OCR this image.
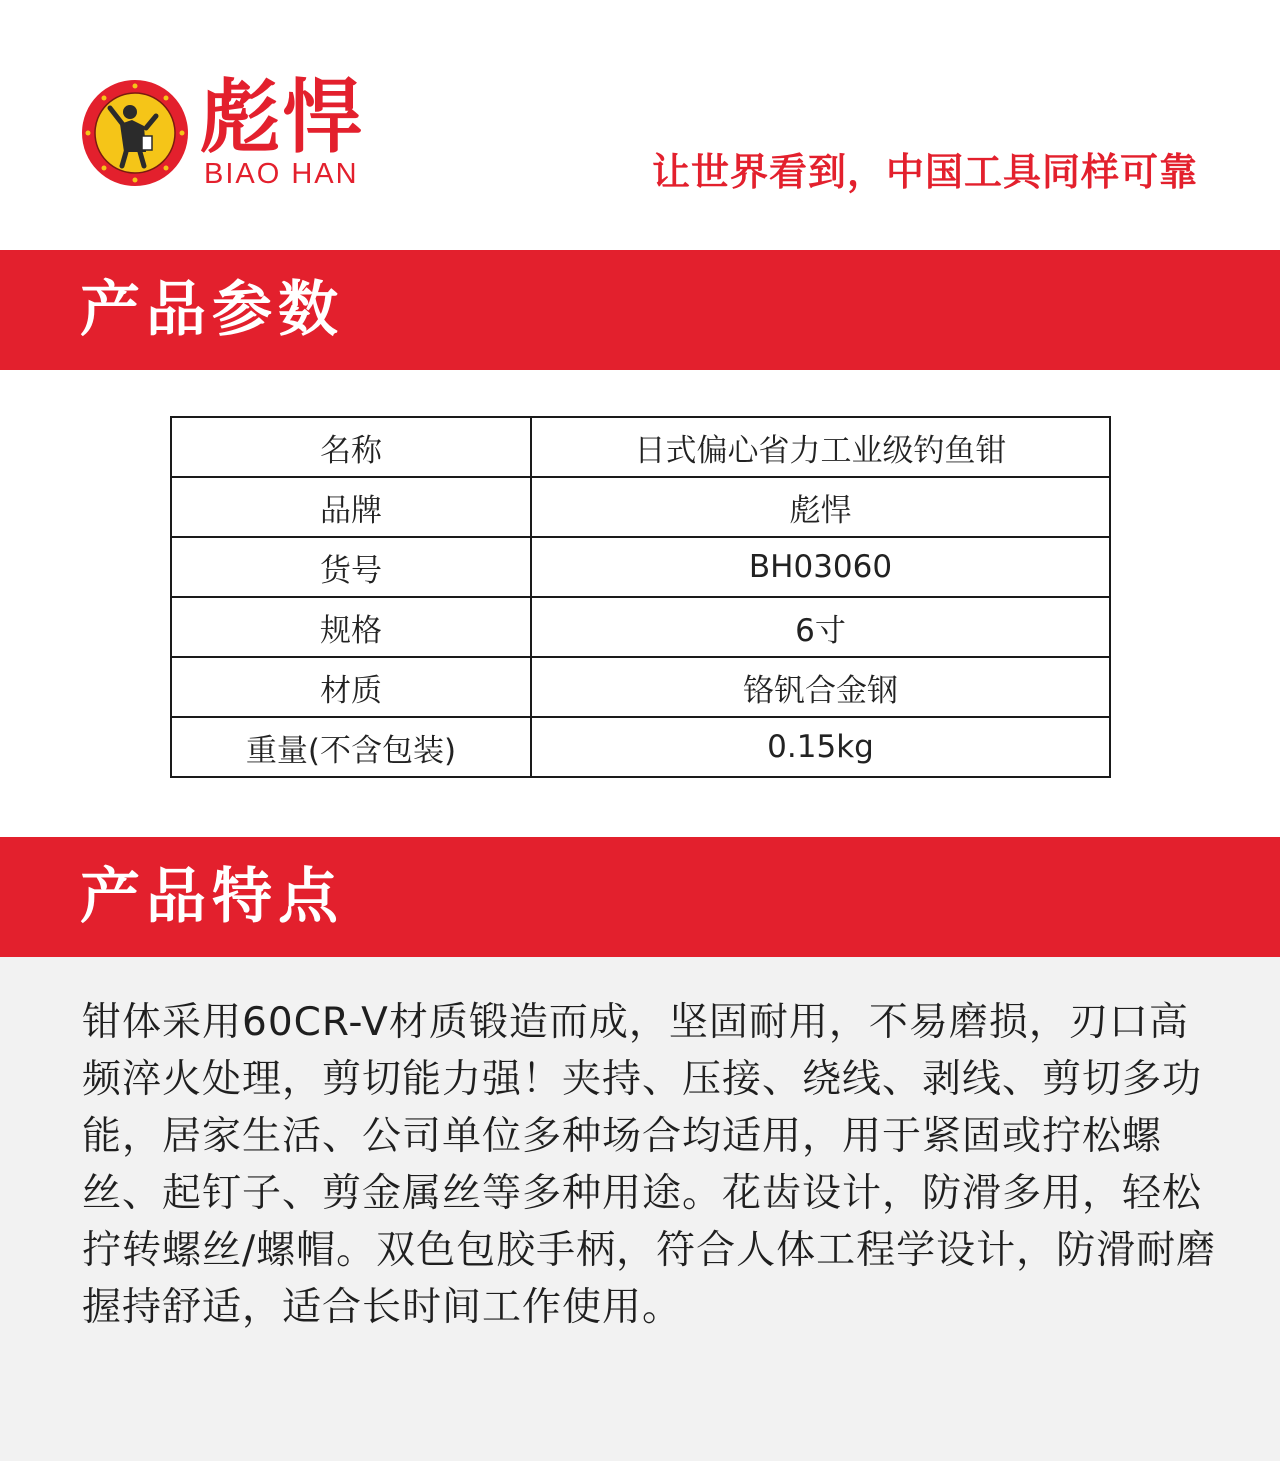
彪悍
BIAO HAN	让世界看到，中国工具同样可靠
产品参数
名称	日式偏心省力工业级钓鱼钳
品牌	彪悍
货号	BH03060
规格	6寸
材质	铬钒合金钢
重量(不含包装)	0.15kg
产品特点
钳体采用60CR-V材质锻造而成，坚固耐用，不易磨损，刃口高频淬火处理，剪切能力强！夹持、压接、绕线、剥线、剪切多功能，居家生活、公司单位多种场合均适用，用于紧固或拧松螺丝、起钉子、剪金属丝等多种用途。花齿设计，防滑多用，轻松拧转螺丝/螺帽。双色包胶手柄，符合人体工程学设计，防滑耐磨握持舒适，适合长时间工作使用。
